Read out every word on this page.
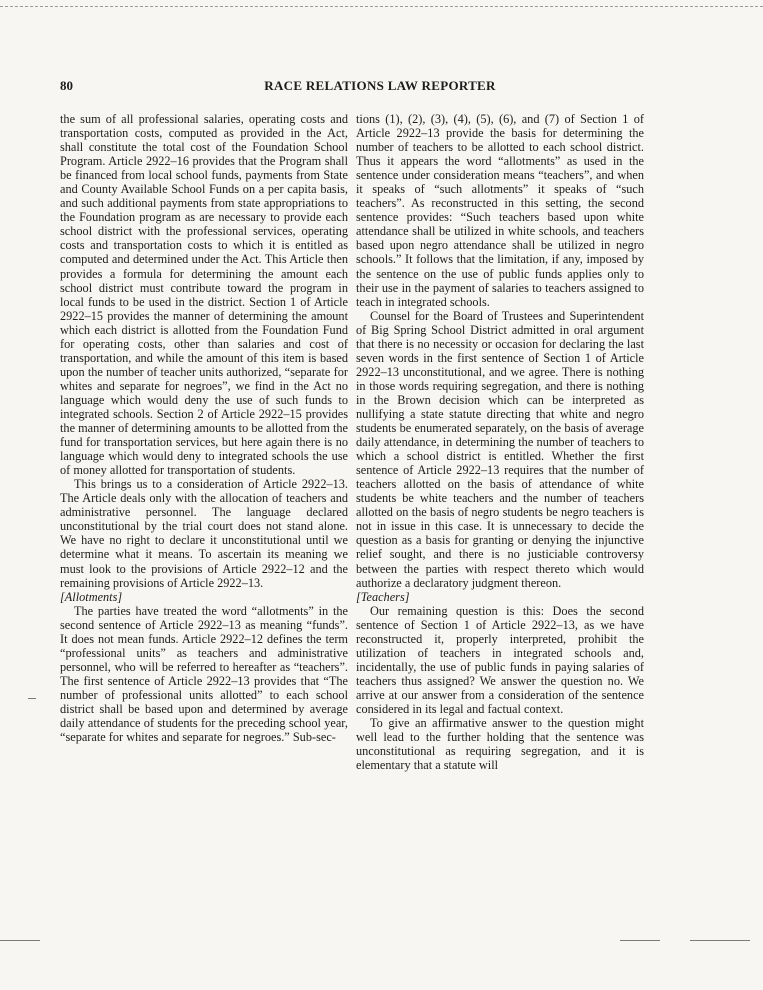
80	RACE RELATIONS LAW REPORTER

the sum of all professional salaries, operating costs and transportation costs, computed as provided in the Act, shall constitute the total cost of the Foundation School Program. Article 2922–16 provides that the Program shall be financed from local school funds, payments from State and County Available School Funds on a per capita basis, and such additional payments from state appropriations to the Foundation program as are necessary to provide each school district with the professional services, operating costs and transportation costs to which it is entitled as computed and determined under the Act. This Article then provides a formula for determining the amount each school district must contribute toward the program in local funds to be used in the district. Section 1 of Article 2922–15 provides the manner of determining the amount which each district is allotted from the Foundation Fund for operating costs, other than salaries and cost of transportation, and while the amount of this item is based upon the number of teacher units authorized, “separate for whites and separate for negroes”, we find in the Act no language which would deny the use of such funds to integrated schools. Section 2 of Article 2922–15 provides the manner of determining amounts to be allotted from the fund for transportation services, but here again there is no language which would deny to integrated schools the use of money allotted for transportation of students.

This brings us to a consideration of Article 2922–13. The Article deals only with the allocation of teachers and administrative personnel. The language declared unconstitutional by the trial court does not stand alone. We have no right to declare it unconstitutional until we determine what it means. To ascertain its meaning we must look to the provisions of Article 2922–12 and the remaining provisions of Article 2922–13.

[Allotments]

The parties have treated the word “allotments” in the second sentence of Article 2922–13 as meaning “funds”. It does not mean funds. Article 2922–12 defines the term “professional units” as teachers and administrative personnel, who will be referred to hereafter as “teachers”. The first sentence of Article 2922–13 provides that “The number of professional units allotted” to each school district shall be based upon and determined by average daily attendance of students for the preceding school year, “separate for whites and separate for negroes.” Sub-sec-

tions (1), (2), (3), (4), (5), (6), and (7) of Section 1 of Article 2922–13 provide the basis for determining the number of teachers to be allotted to each school district. Thus it appears the word “allotments” as used in the sentence under consideration means “teachers”, and when it speaks of “such allotments” it speaks of “such teachers”. As reconstructed in this setting, the second sentence provides: “Such teachers based upon white attendance shall be utilized in white schools, and teachers based upon negro attendance shall be utilized in negro schools.” It follows that the limitation, if any, imposed by the sentence on the use of public funds applies only to their use in the payment of salaries to teachers assigned to teach in integrated schools.

Counsel for the Board of Trustees and Superintendent of Big Spring School District admitted in oral argument that there is no necessity or occasion for declaring the last seven words in the first sentence of Section 1 of Article 2922–13 unconstitutional, and we agree. There is nothing in those words requiring segregation, and there is nothing in the Brown decision which can be interpreted as nullifying a state statute directing that white and negro students be enumerated separately, on the basis of average daily attendance, in determining the number of teachers to which a school district is entitled. Whether the first sentence of Article 2922–13 requires that the number of teachers allotted on the basis of attendance of white students be white teachers and the number of teachers allotted on the basis of negro students be negro teachers is not in issue in this case. It is unnecessary to decide the question as a basis for granting or denying the injunctive relief sought, and there is no justiciable controversy between the parties with respect thereto which would authorize a declaratory judgment thereon.

[Teachers]

Our remaining question is this: Does the second sentence of Section 1 of Article 2922–13, as we have reconstructed it, properly interpreted, prohibit the utilization of teachers in integrated schools and, incidentally, the use of public funds in paying salaries of teachers thus assigned? We answer the question no. We arrive at our answer from a consideration of the sentence considered in its legal and factual context.

To give an affirmative answer to the question might well lead to the further holding that the sentence was unconstitutional as requiring segregation, and it is elementary that a statute will
